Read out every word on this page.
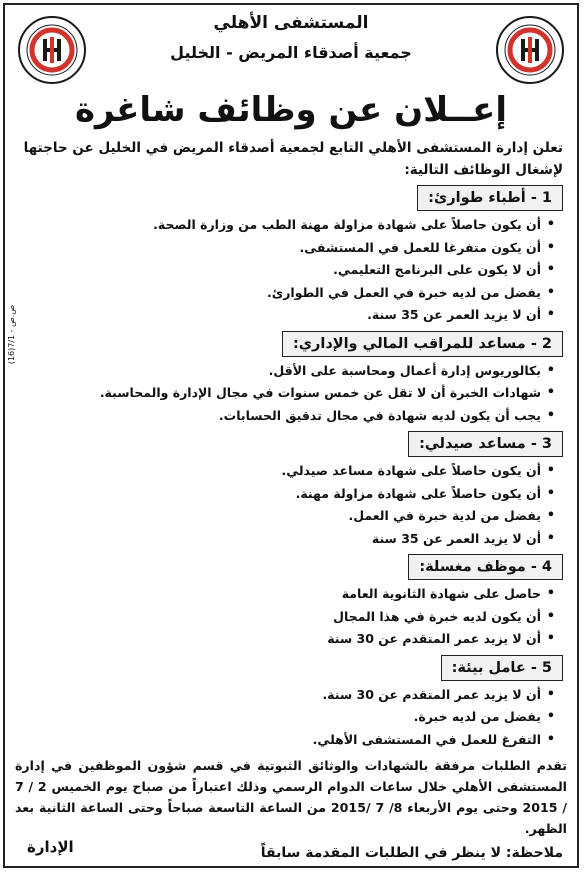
المستشفى الأهلي
جمعية أصدقاء المريض - الخليل
إعــلان عن وظائف شاغرة
تعلن إدارة المستشفى الأهلي التابع لجمعية أصدقاء المريض في الخليل عن حاجتها لإشغال الوظائف التالية:
(16)7/1 - ص.ص
1 - أطباء طوارئ:
• أن يكون حاصلاً على شهادة مزاولة مهنة الطب من وزارة الصحة.
• أن يكون متفرغا للعمل في المستشفى.
• أن لا يكون على البرنامج التعليمي.
• يفضل من لديه خبرة في العمل في الطوارئ.
• أن لا يزيد العمر عن 35 سنة.
2 - مساعد للمراقب المالي والإداري:
• بكالوريوس إدارة أعمال ومحاسبة على الأقل.
• شهادات الخبرة أن لا تقل عن خمس سنوات في مجال الإدارة والمحاسبة.
• يجب أن يكون لديه شهادة في مجال تدقيق الحسابات.
3 - مساعد صيدلي:
• أن يكون حاصلاً على شهادة مساعد صيدلي.
• أن يكون حاصلاً على شهادة مزاولة مهنة.
• يفضل من لدية خبرة في العمل.
• أن لا يزيد العمر عن 35 سنة
4 - موظف مغسلة:
• حاصل على شهادة الثانوية العامة
• أن يكون لديه خبرة في هذا المجال
• أن لا يزيد عمر المتقدم عن 30 سنة
5 - عامل بيئة:
• أن لا يزيد عمر المتقدم عن 30 سنة.
• يفضل من لديه خبرة.
• التفرغ للعمل في المستشفى الأهلي.
تقدم الطلبات مرفقة بالشهادات والوثائق الثبوتية في قسم شؤون الموظفين في إدارة المستشفى الأهلي خلال ساعات الدوام الرسمي وذلك اعتباراً من صباح يوم الخميس 2 / 7 / 2015 وحتى يوم الأربعاء 8/ 7 /2015 من الساعة التاسعة صباحاً وحتى الساعة الثانية بعد الظهر.
ملاحظة: لا ينظر في الطلبات المقدمة سابقاً
الإدارة
